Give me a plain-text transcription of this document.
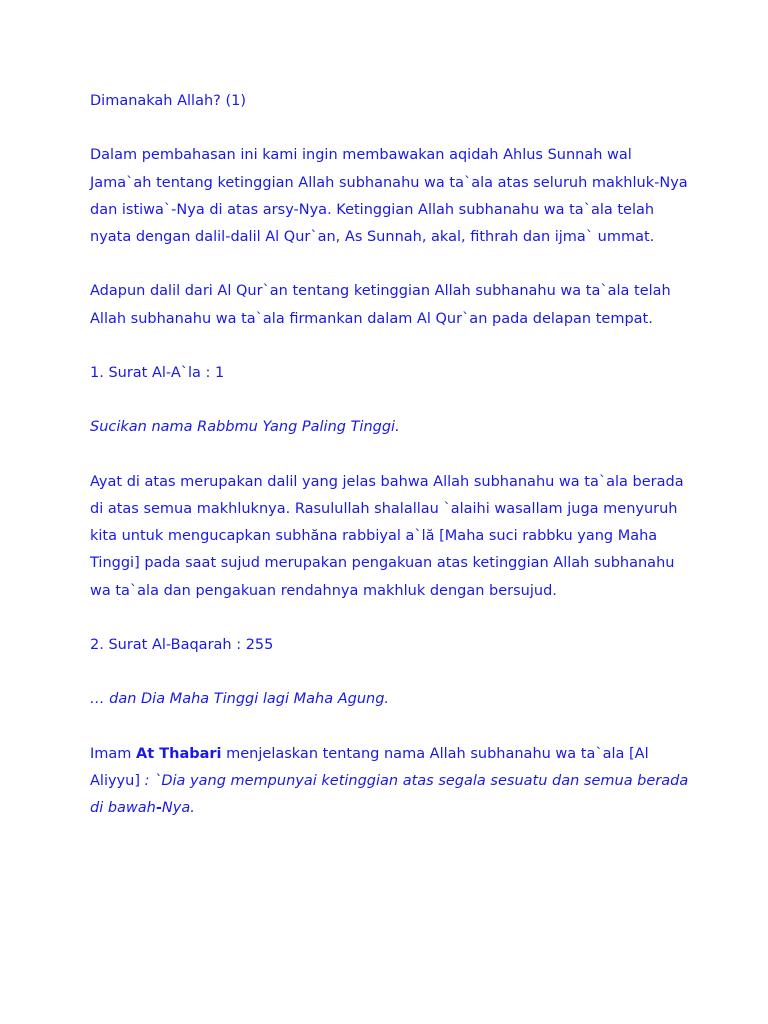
Dimanakah Allah? (1)

Dalam pembahasan ini kami ingin membawakan aqidah Ahlus Sunnah wal Jama`ah tentang ketinggian Allah subhanahu wa ta`ala atas seluruh makhluk-Nya dan istiwa`-Nya di atas arsy-Nya. Ketinggian Allah subhanahu wa ta`ala telah nyata dengan dalil-dalil Al Qur`an, As Sunnah, akal, fithrah dan ijma` ummat.

Adapun dalil dari Al Qur`an tentang ketinggian Allah subhanahu wa ta`ala telah Allah subhanahu wa ta`ala firmankan dalam Al Qur`an pada delapan tempat.

1. Surat Al-A`la : 1

Sucikan nama Rabbmu Yang Paling Tinggi.

Ayat di atas merupakan dalil yang jelas bahwa Allah subhanahu wa ta`ala berada di atas semua makhluknya. Rasulullah shalallau `alaihi wasallam juga menyuruh kita untuk mengucapkan subhăna rabbiyal a`lă [Maha suci rabbku yang Maha Tinggi] pada saat sujud merupakan pengakuan atas ketinggian Allah subhanahu wa ta`ala dan pengakuan rendahnya makhluk dengan bersujud.

2. Surat Al-Baqarah : 255

… dan Dia Maha Tinggi lagi Maha Agung.

Imam At Thabari menjelaskan tentang nama Allah subhanahu wa ta`ala [Al Aliyyu] : `Dia yang mempunyai ketinggian atas segala sesuatu dan semua berada di bawah-Nya.
